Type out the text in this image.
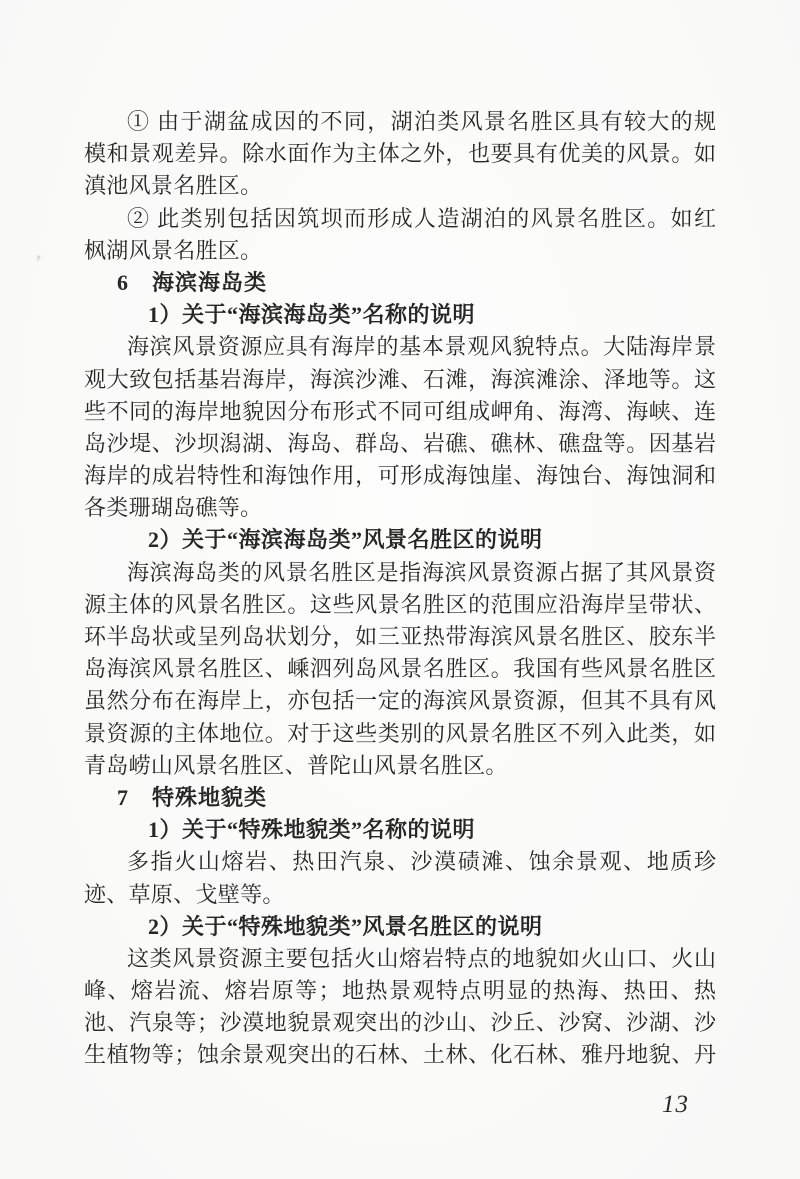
’
① 由于湖盆成因的不同，湖泊类风景名胜区具有较大的规
模和景观差异。除水面作为主体之外，也要具有优美的风景。如
滇池风景名胜区。
② 此类别包括因筑坝而形成人造湖泊的风景名胜区。如红
枫湖风景名胜区。
6　海滨海岛类
1）关于“海滨海岛类”名称的说明
海滨风景资源应具有海岸的基本景观风貌特点。大陆海岸景
观大致包括基岩海岸，海滨沙滩、石滩，海滨滩涂、泽地等。这
些不同的海岸地貌因分布形式不同可组成岬角、海湾、海峡、连
岛沙堤、沙坝潟湖、海岛、群岛、岩礁、礁林、礁盘等。因基岩
海岸的成岩特性和海蚀作用，可形成海蚀崖、海蚀台、海蚀洞和
各类珊瑚岛礁等。
2）关于“海滨海岛类”风景名胜区的说明
海滨海岛类的风景名胜区是指海滨风景资源占据了其风景资
源主体的风景名胜区。这些风景名胜区的范围应沿海岸呈带状、
环半岛状或呈列岛状划分，如三亚热带海滨风景名胜区、胶东半
岛海滨风景名胜区、嵊泗列岛风景名胜区。我国有些风景名胜区
虽然分布在海岸上，亦包括一定的海滨风景资源，但其不具有风
景资源的主体地位。对于这些类别的风景名胜区不列入此类，如
青岛崂山风景名胜区、普陀山风景名胜区。
7　特殊地貌类
1）关于“特殊地貌类”名称的说明
多指火山熔岩、热田汽泉、沙漠碛滩、蚀余景观、地质珍
迹、草原、戈壁等。
2）关于“特殊地貌类”风景名胜区的说明
这类风景资源主要包括火山熔岩特点的地貌如火山口、火山
峰、熔岩流、熔岩原等；地热景观特点明显的热海、热田、热
池、汽泉等；沙漠地貌景观突出的沙山、沙丘、沙窝、沙湖、沙
生植物等；蚀余景观突出的石林、土林、化石林、雅丹地貌、丹
13
